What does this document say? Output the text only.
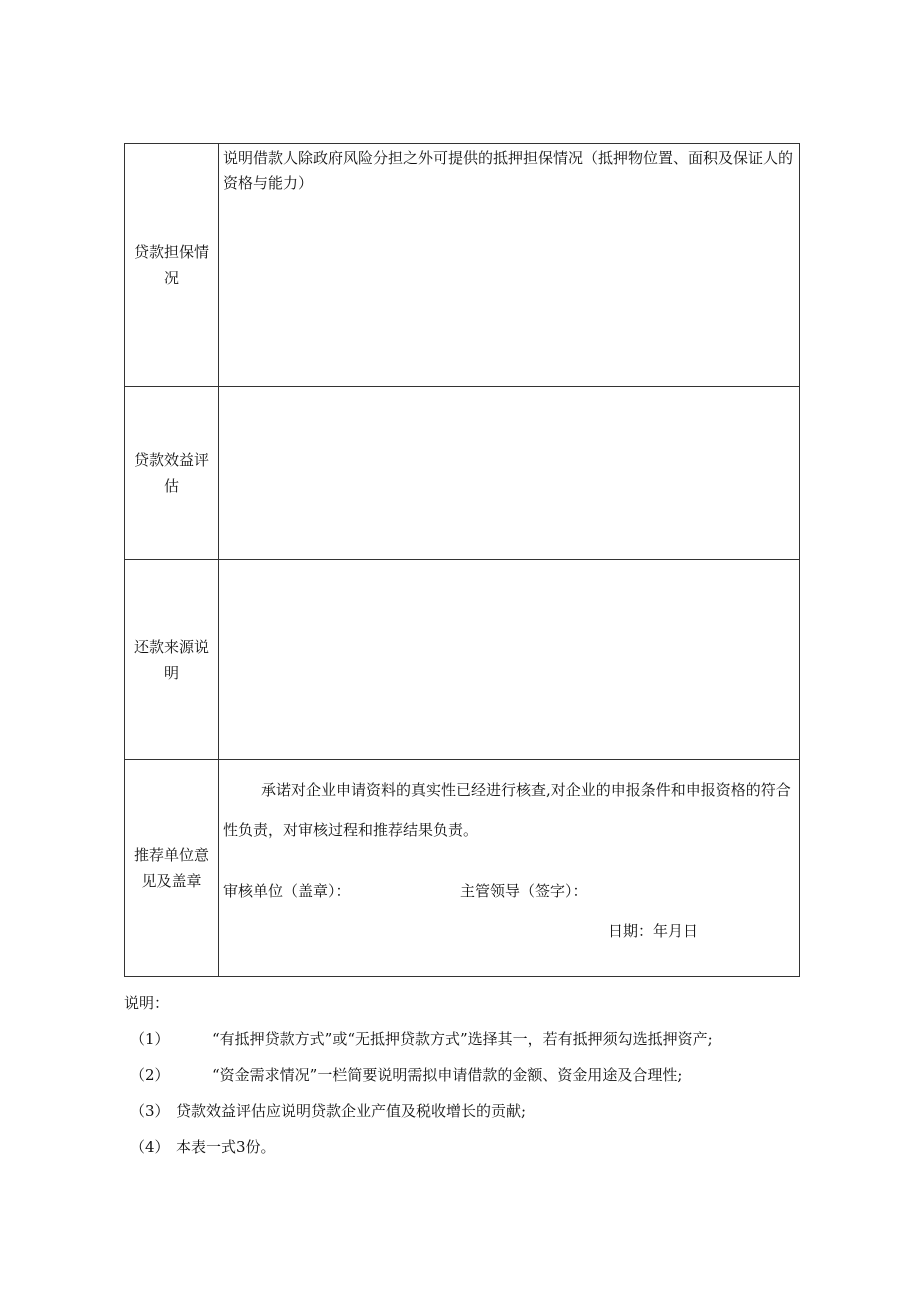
贷款担保情况	说明借款人除政府风险分担之外可提供的抵押担保情况（抵押物位置、面积及保证人的资格与能力）
贷款效益评估	
还款来源说明	
推荐单位意见及盖章	承诺对企业申请资料的真实性已经进行核查,对企业的申报条件和申报资格的符合性负责，对审核过程和推荐结果负责。
审核单位（盖章）： 主管领导（签字）：
日期：年月日
说明：
（1）	“有抵押贷款方式”或“无抵押贷款方式”选择其一，若有抵押须勾选抵押资产;
（2）	“资金需求情况”一栏简要说明需拟申请借款的金额、资金用途及合理性;
（3） 贷款效益评估应说明贷款企业产值及税收增长的贡献;
（4） 本表一式3份。
